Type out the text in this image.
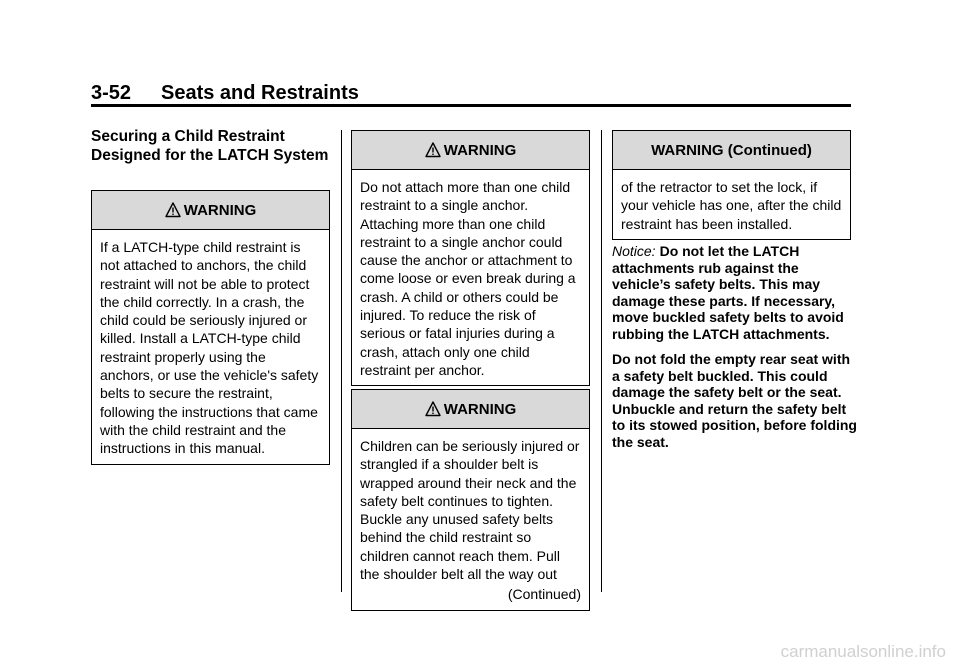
3-52 Seats and Restraints
Securing a Child Restraint Designed for the LATCH System
WARNING
If a LATCH-type child restraint is not attached to anchors, the child restraint will not be able to protect the child correctly. In a crash, the child could be seriously injured or killed. Install a LATCH-type child restraint properly using the anchors, or use the vehicle's safety belts to secure the restraint, following the instructions that came with the child restraint and the instructions in this manual.
WARNING
Do not attach more than one child restraint to a single anchor. Attaching more than one child restraint to a single anchor could cause the anchor or attachment to come loose or even break during a crash. A child or others could be injured. To reduce the risk of serious or fatal injuries during a crash, attach only one child restraint per anchor.
WARNING
Children can be seriously injured or strangled if a shoulder belt is wrapped around their neck and the safety belt continues to tighten. Buckle any unused safety belts behind the child restraint so children cannot reach them. Pull the shoulder belt all the way out
(Continued)
WARNING (Continued)
of the retractor to set the lock, if your vehicle has one, after the child restraint has been installed.

Notice: Do not let the LATCH attachments rub against the vehicle’s safety belts. This may damage these parts. If necessary, move buckled safety belts to avoid rubbing the LATCH attachments.

Do not fold the empty rear seat with a safety belt buckled. This could damage the safety belt or the seat. Unbuckle and return the safety belt to its stowed position, before folding the seat.

carmanualsonline.info
